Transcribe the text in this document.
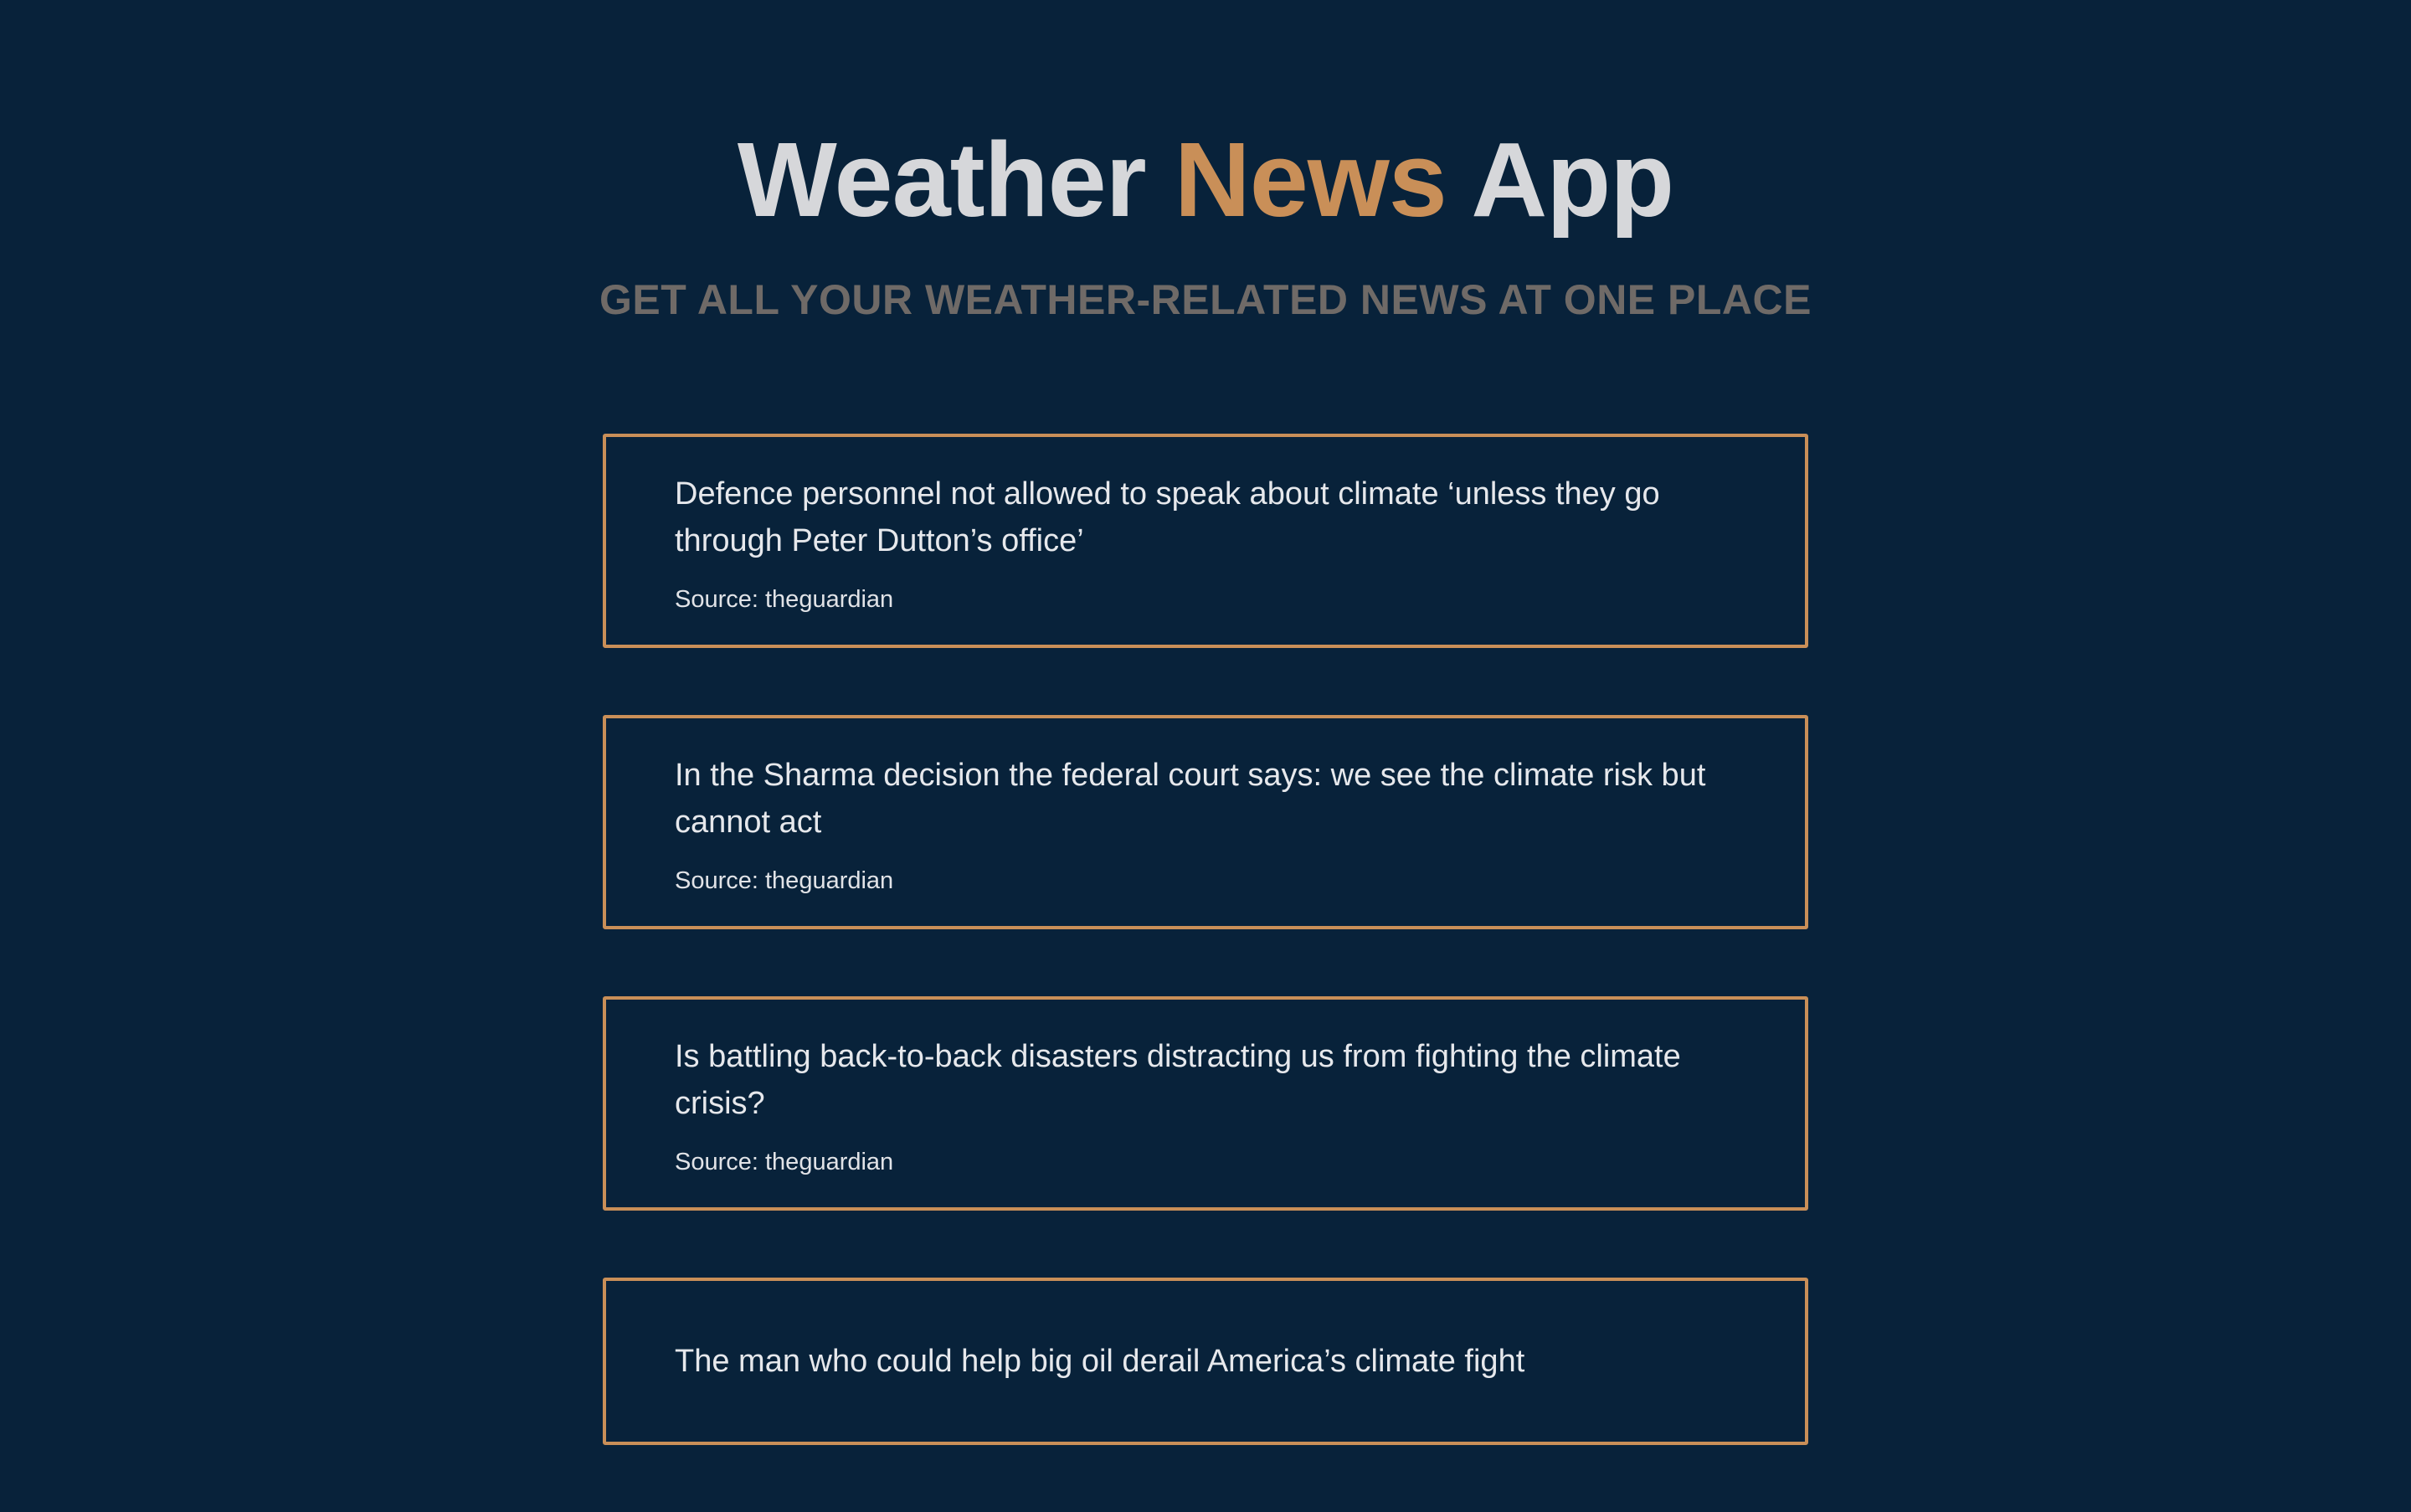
Weather News App
GET ALL YOUR WEATHER-RELATED NEWS AT ONE PLACE

Defence personnel not allowed to speak about climate ‘unless they go through Peter Dutton’s office’

Source: theguardian

In the Sharma decision the federal court says: we see the climate risk but cannot act

Source: theguardian

Is battling back-to-back disasters distracting us from fighting the climate crisis?

Source: theguardian

The man who could help big oil derail America’s climate fight
